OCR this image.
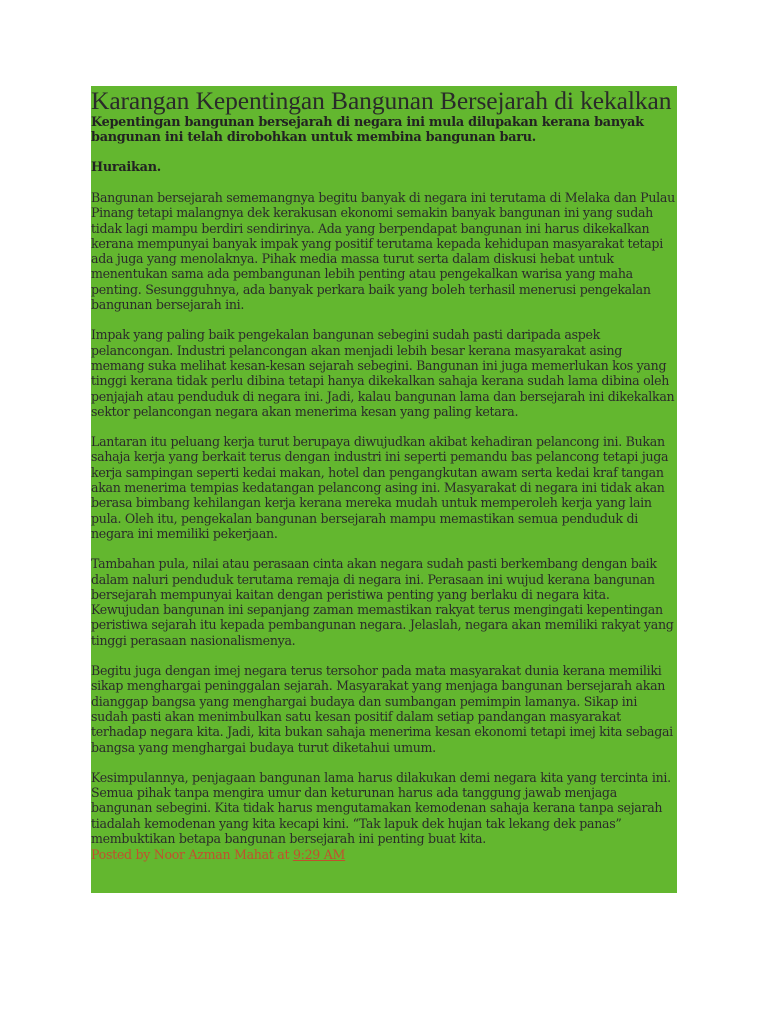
Karangan Kepentingan Bangunan Bersejarah di kekalkan

Kepentingan bangunan bersejarah di negara ini mula dilupakan kerana banyak bangunan ini telah dirobohkan untuk membina bangunan baru.

Huraikan.

Bangunan bersejarah sememangnya begitu banyak di negara ini terutama di Melaka dan Pulau Pinang tetapi malangnya dek kerakusan ekonomi semakin banyak bangunan ini yang sudah tidak lagi mampu berdiri sendirinya. Ada yang berpendapat bangunan ini harus dikekalkan kerana mempunyai banyak impak yang positif terutama kepada kehidupan masyarakat tetapi ada juga yang menolaknya. Pihak media massa turut serta dalam diskusi hebat untuk menentukan sama ada pembangunan lebih penting atau pengekalkan warisa yang maha penting. Sesungguhnya, ada banyak perkara baik yang boleh terhasil menerusi pengekalan bangunan bersejarah ini.

Impak yang paling baik pengekalan bangunan sebegini sudah pasti daripada aspek pelancongan. Industri pelancongan akan menjadi lebih besar kerana masyarakat asing memang suka melihat kesan-kesan sejarah sebegini. Bangunan ini juga memerlukan kos yang tinggi kerana tidak perlu dibina tetapi hanya dikekalkan sahaja kerana sudah lama dibina oleh penjajah atau penduduk di negara ini. Jadi, kalau bangunan lama dan bersejarah ini dikekalkan sektor pelancongan negara akan menerima kesan yang paling ketara.

Lantaran itu peluang kerja turut berupaya diwujudkan akibat kehadiran pelancong ini. Bukan sahaja kerja yang berkait terus dengan industri ini seperti pemandu bas pelancong tetapi juga kerja sampingan seperti kedai makan, hotel dan pengangkutan awam serta kedai kraf tangan akan menerima tempias kedatangan pelancong asing ini. Masyarakat di negara ini tidak akan berasa bimbang kehilangan kerja kerana mereka mudah untuk memperoleh kerja yang lain pula. Oleh itu, pengekalan bangunan bersejarah mampu memastikan semua penduduk di negara ini memiliki pekerjaan.

Tambahan pula, nilai atau perasaan cinta akan negara sudah pasti berkembang dengan baik dalam naluri penduduk terutama remaja di negara ini. Perasaan ini wujud kerana bangunan bersejarah mempunyai kaitan dengan peristiwa penting yang berlaku di negara kita. Kewujudan bangunan ini sepanjang zaman memastikan rakyat terus mengingati kepentingan peristiwa sejarah itu kepada pembangunan negara. Jelaslah, negara akan memiliki rakyat yang tinggi perasaan nasionalismenya.

Begitu juga dengan imej negara terus tersohor pada mata masyarakat dunia kerana memiliki sikap menghargai peninggalan sejarah. Masyarakat yang menjaga bangunan bersejarah akan dianggap bangsa yang menghargai budaya dan sumbangan pemimpin lamanya. Sikap ini sudah pasti akan menimbulkan satu kesan positif dalam setiap pandangan masyarakat terhadap negara kita. Jadi, kita bukan sahaja menerima kesan ekonomi tetapi imej kita sebagai bangsa yang menghargai budaya turut diketahui umum.

Kesimpulannya, penjagaan bangunan lama harus dilakukan demi negara kita yang tercinta ini. Semua pihak tanpa mengira umur dan keturunan harus ada tanggung jawab menjaga bangunan sebegini. Kita tidak harus mengutamakan kemodenan sahaja kerana tanpa sejarah tiadalah kemodenan yang kita kecapi kini. “Tak lapuk dek hujan tak lekang dek panas” membuktikan betapa bangunan bersejarah ini penting buat kita.

Posted by Noor Azman Mahat at 9:29 AM
